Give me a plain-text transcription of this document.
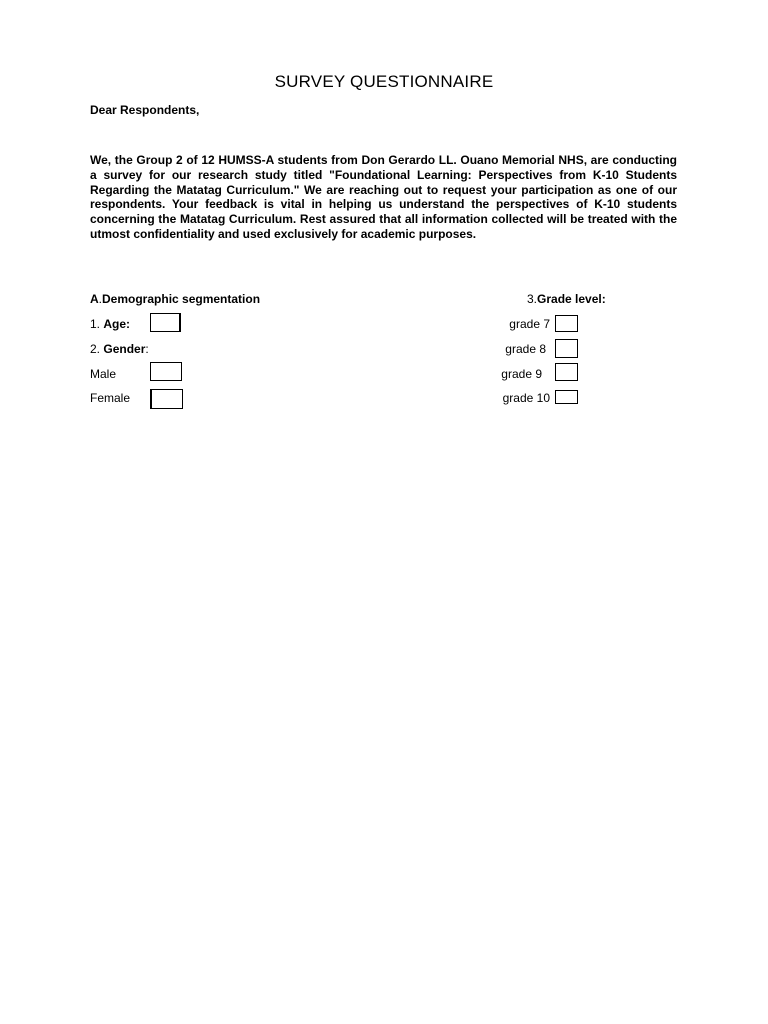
SURVEY QUESTIONNAIRE
Dear Respondents,

We, the Group 2 of 12 HUMSS-A students from Don Gerardo LL. Ouano Memorial NHS, are conducting a survey for our research study titled "Foundational Learning: Perspectives from K-10 Students Regarding the Matatag Curriculum." We are reaching out to request your participation as one of our respondents. Your feedback is vital in helping us understand the perspectives of K-10 students concerning the Matatag Curriculum. Rest assured that all information collected will be treated with the utmost confidentiality and used exclusively for academic purposes.

A.Demographic segmentation
1. Age:
2. Gender:
Male
Female
3.Grade level:
grade 7
grade 8
grade 9
grade 10
